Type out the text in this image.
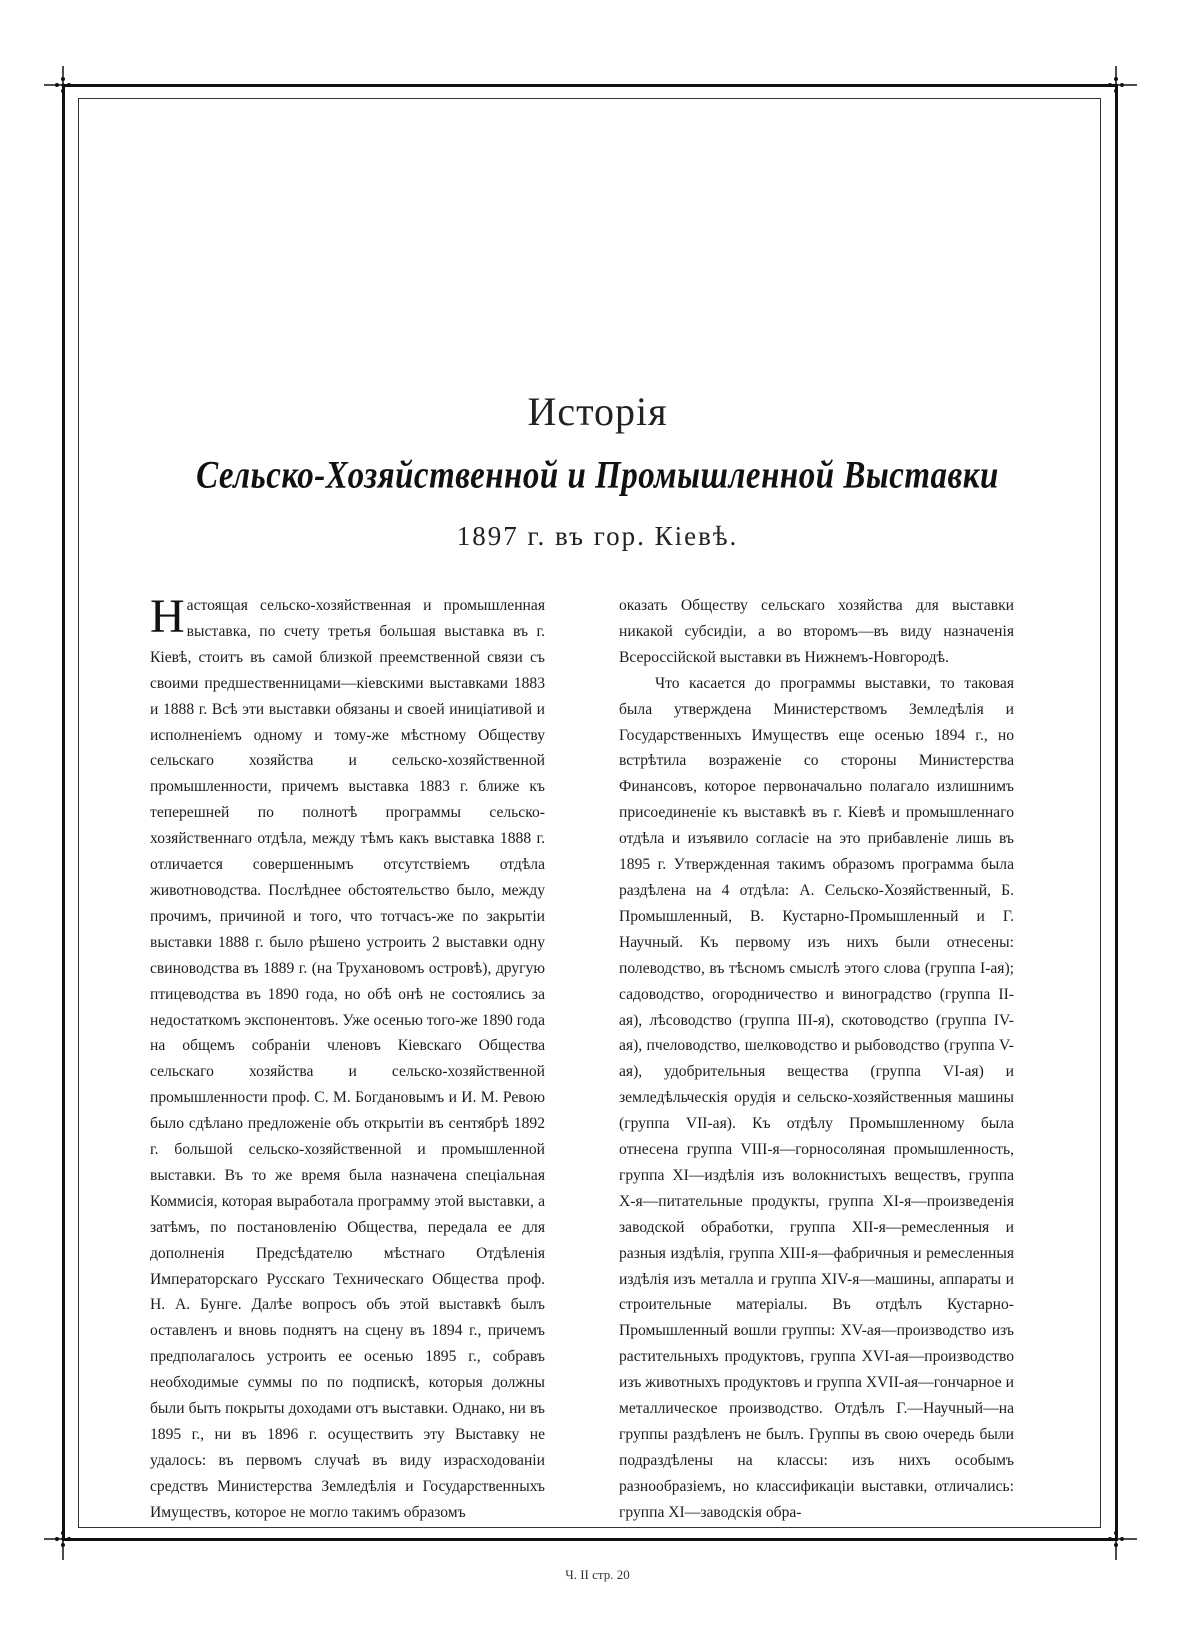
Исторія
Сельско-Хозяйственной и Промышленной Выставки
1897 г. въ гор. Кіевѣ.

Настоящая сельско-хозяйственная и промышленная выставка, по счету третья большая выставка въ г. Кіевѣ, стоитъ въ самой близкой преемственной связи съ своими предшественницами—кіевскими выставками 1883 и 1888 г. Всѣ эти выставки обязаны и своей иниціативой и исполненіемъ одному и тому-же мѣстному Обществу сельскаго хозяйства и сельско-хозяйственной промышленности, причемъ выставка 1883 г. ближе къ теперешней по полнотѣ программы сельско-хозяйственнаго отдѣла, между тѣмъ какъ выставка 1888 г. отличается совершеннымъ отсутствіемъ отдѣла животноводства. Послѣднее обстоятельство было, между прочимъ, причиной и того, что тотчасъ-же по закрытіи выставки 1888 г. было рѣшено устроить 2 выставки одну свиноводства въ 1889 г. (на Трухановомъ островѣ), другую птицеводства въ 1890 года, но обѣ онѣ не состоялись за недостаткомъ экспонентовъ. Уже осенью того-же 1890 года на общемъ собраніи членовъ Кіевскаго Общества сельскаго хозяйства и сельско-хозяйственной промышленности проф. С. М. Богдановымъ и И. М. Ревою было сдѣлано предложеніе объ открытіи въ сентябрѣ 1892 г. большой сельско-хозяйственной и промышленной выставки. Въ то же время была назначена спеціальная Коммисія, которая выработала программу этой выставки, а затѣмъ, по постановленію Общества, передала ее для дополненія Предсѣдателю мѣстнаго Отдѣленія Императорскаго Русскаго Техническаго Общества проф. Н. А. Бунге. Далѣе вопросъ объ этой выставкѣ былъ оставленъ и вновь поднятъ на сцену въ 1894 г., причемъ предполагалось устроить ее осенью 1895 г., собравъ необходимые суммы по по подпискѣ, которыя должны были быть покрыты доходами отъ выставки. Однако, ни въ 1895 г., ни въ 1896 г. осуществить эту Выставку не удалось: въ первомъ случаѣ въ виду израсходованіи средствъ Министерства Земледѣлія и Государственныхъ Имуществъ, которое не могло такимъ образомъ

оказать Обществу сельскаго хозяйства для выставки никакой субсидіи, а во второмъ—въ виду назначенія Всероссійской выставки въ Нижнемъ-Новгородѣ.

Что касается до программы выставки, то таковая была утверждена Министерствомъ Земледѣлія и Государственныхъ Имуществъ еще осенью 1894 г., но встрѣтила возраженіе со стороны Министерства Финансовъ, которое первоначально полагало излишнимъ присоединеніе къ выставкѣ въ г. Кіевѣ и промышленнаго отдѣла и изъявило согласіе на это прибавленіе лишь въ 1895 г. Утвержденная такимъ образомъ программа была раздѣлена на 4 отдѣла: А. Сельско-Хозяйственный, Б. Промышленный, В. Кустарно-Промышленный и Г. Научный. Къ первому изъ нихъ были отнесены: полеводство, въ тѣсномъ смыслѣ этого слова (группа I-ая); садоводство, огородничество и виноградство (группа II-ая), лѣсоводство (группа III-я), скотоводство (группа IV-ая), пчеловодство, шелководство и рыбоводство (группа V-ая), удобрительныя вещества (группа VI-ая) и земледѣльческія орудія и сельско-хозяйственныя машины (группа VII-ая). Къ отдѣлу Промышленному была отнесена группа VIII-я—горносоляная промышленность, группа XI—издѣлія изъ волокнистыхъ веществъ, группа X-я—питательные продукты, группа XI-я—произведенія заводской обработки, группа XII-я—ремесленныя и разныя издѣлія, группа XIII-я—фабричныя и ремесленныя издѣлія изъ металла и группа XIV-я—машины, аппараты и строительные матеріалы. Въ отдѣлъ Кустарно-Промышленный вошли группы: XV-ая—производство изъ растительныхъ продуктовъ, группа XVI-ая—производство изъ животныхъ продуктовъ и группа XVII-ая—гончарное и металлическое производство. Отдѣлъ Г.—Научный—на группы раздѣленъ не былъ. Группы въ свою очередь были подраздѣлены на классы: изъ нихъ особымъ разнообразіемъ, но классификаціи выставки, отличались: группа XI—заводскія обра-

Ч. II стр. 20
